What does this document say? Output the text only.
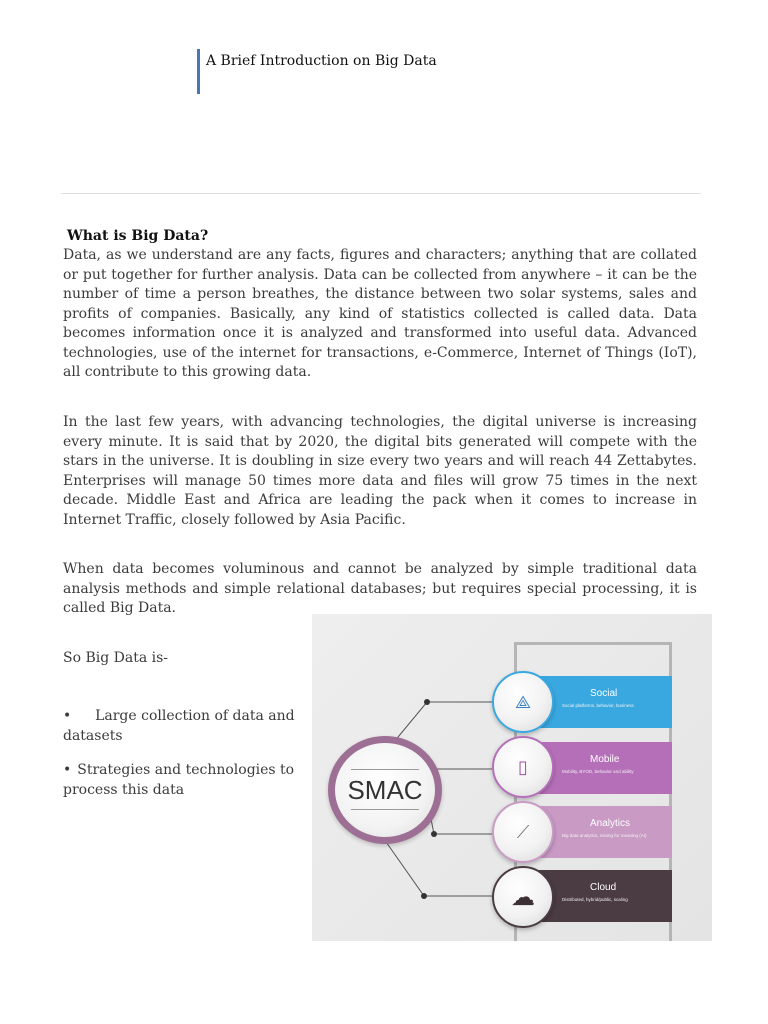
A Brief Introduction on Big Data
What is Big Data?

Data, as we understand are any facts, figures and characters; anything that are collated or put together for further analysis. Data can be collected from anywhere – it can be the number of time a person breathes, the distance between two solar systems, sales and profits of companies. Basically, any kind of statistics collected is called data. Data becomes information once it is analyzed and transformed into useful data. Advanced technologies, use of the internet for transactions, e-Commerce, Internet of Things (IoT), all contribute to this growing data.

In the last few years, with advancing technologies, the digital universe is increasing every minute. It is said that by 2020, the digital bits generated will compete with the stars in the universe. It is doubling in size every two years and will reach 44 Zettabytes. Enterprises will manage 50 times more data and files will grow 75 times in the next decade. Middle East and Africa are leading the pack when it comes to increase in Internet Traffic, closely followed by Asia Pacific.

When data becomes voluminous and cannot be analyzed by simple traditional data analysis methods and simple relational databases; but requires special processing, it is called Big Data.

So Big Data is-
• Large collection of data and datasets
• Strategies and technologies to process this data
Social
Social platforms, behavior, business
Mobile
Mobility, BYOD, behavior and ability
Analytics
Big data analytics, mining for meaning (AI)
Cloud
Distributed, hybrid/public, scaling
⟁
▯
⟋
☁
SMAC
